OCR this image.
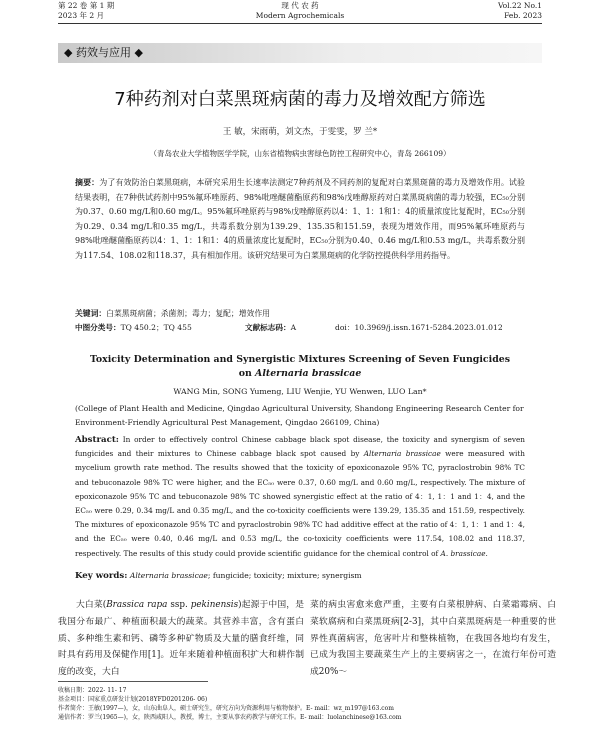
第 22 卷 第 1 期
2023 年 2 月
现 代 农 药
Modern Agrochemicals
Vol.22 No.1
Feb. 2023
◆ 药效与应用 ◆
7种药剂对白菜黑斑病菌的毒力及增效配方筛选
王 敏，宋雨萌，刘文杰，于雯雯，罗 兰*
（青岛农业大学植物医学学院，山东省植物病虫害绿色防控工程研究中心，青岛 266109）
摘要：为了有效防治白菜黑斑病，本研究采用生长速率法测定7种药剂及不同药剂的复配对白菜黑斑菌的毒力及增效作用。试验结果表明，在7种供试药剂中95%氟环唑原药、98%吡唑醚菌酯原药和98%戊唑醇原药对白菜黑斑病菌的毒力较强，EC₅₀分别为0.37、0.60 mg/L和0.60 mg/L。95%氟环唑原药与98%戊唑醇原药以4：1、1：1和1：4的质量浓度比复配时，EC₅₀分别为0.29、0.34 mg/L和0.35 mg/L，共毒系数分别为139.29、135.35和151.59，表现为增效作用，而95%氟环唑原药与98%吡唑醚菌酯原药以4：1、1：1和1：4的质量浓度比复配时，EC₅₀分别为0.40、0.46 mg/L和0.53 mg/L，共毒系数分别为117.54、108.02和118.37，具有相加作用。该研究结果可为白菜黑斑病的化学防控提供科学用药指导。
关键词：白菜黑斑病菌；杀菌剂；毒力；复配；增效作用
中图分类号：TQ 450.2；TQ 455	文献标志码：A	doi：10.3969/j.issn.1671-5284.2023.01.012
Toxicity Determination and Synergistic Mixtures Screening of Seven Fungicides
on Alternaria brassicae
WANG Min, SONG Yumeng, LIU Wenjie, YU Wenwen, LUO Lan*
(College of Plant Health and Medicine, Qingdao Agricultural University, Shandong Engineering Research Center for Environment-Friendly Agricultural Pest Management, Qingdao 266109, China)
Abstract: In order to effectively control Chinese cabbage black spot disease, the toxicity and synergism of seven fungicides and their mixtures to Chinese cabbage black spot caused by Alternaria brassicae were measured with mycelium growth rate method. The results showed that the toxicity of epoxiconazole 95% TC, pyraclostrobin 98% TC and tebuconazole 98% TC were higher, and the EC₅₀ were 0.37, 0.60 mg/L and 0.60 mg/L, respectively. The mixture of epoxiconazole 95% TC and tebuconazole 98% TC showed synergistic effect at the ratio of 4：1, 1：1 and 1：4, and the EC₅₀ were 0.29, 0.34 mg/L and 0.35 mg/L, and the co-toxicity coefficients were 139.29, 135.35 and 151.59, respectively. The mixtures of epoxiconazole 95% TC and pyraclostrobin 98% TC had additive effect at the ratio of 4：1, 1：1 and 1：4, and the EC₅₀ were 0.40, 0.46 mg/L and 0.53 mg/L, the co-toxicity coefficients were 117.54, 108.02 and 118.37, respectively. The results of this study could provide scientific guidance for the chemical control of A. brassicae.
Key words: Alternaria brassicae; fungicide; toxicity; mixture; synergism
大白菜(Brassica rapa ssp. pekinensis)起源于中国，是我国分布最广、种植面积最大的蔬菜。其营养丰富，含有蛋白质、多种维生素和钙、磷等多种矿物质及大量的膳食纤维，同时具有药用及保健作用[1]。近年来随着种植面积扩大和耕作制度的改变，大白
菜的病虫害愈来愈严重，主要有白菜根肿病、白菜霜霉病、白菜软腐病和白菜黑斑病[2-3]，其中白菜黑斑病是一种重要的世界性真菌病害，危害叶片和整株植物，在我国各地均有发生，已成为我国主要蔬菜生产上的主要病害之一，在流行年份可造成20%～
收稿日期：2022- 11- 17
基金项目：国家重点研发计划(2018YFD0201206- 06)
作者简介：王敏(1997—)，女，山东曲阜人，硕士研究生，研究方向为资源利用与植物保护。E- mail：wz_m197@163.com
通信作者：罗兰(1965—)，女，陕西咸阳人，教授，博士，主要从事农药教学与研究工作。E- mail：luolanchinese@163.com
